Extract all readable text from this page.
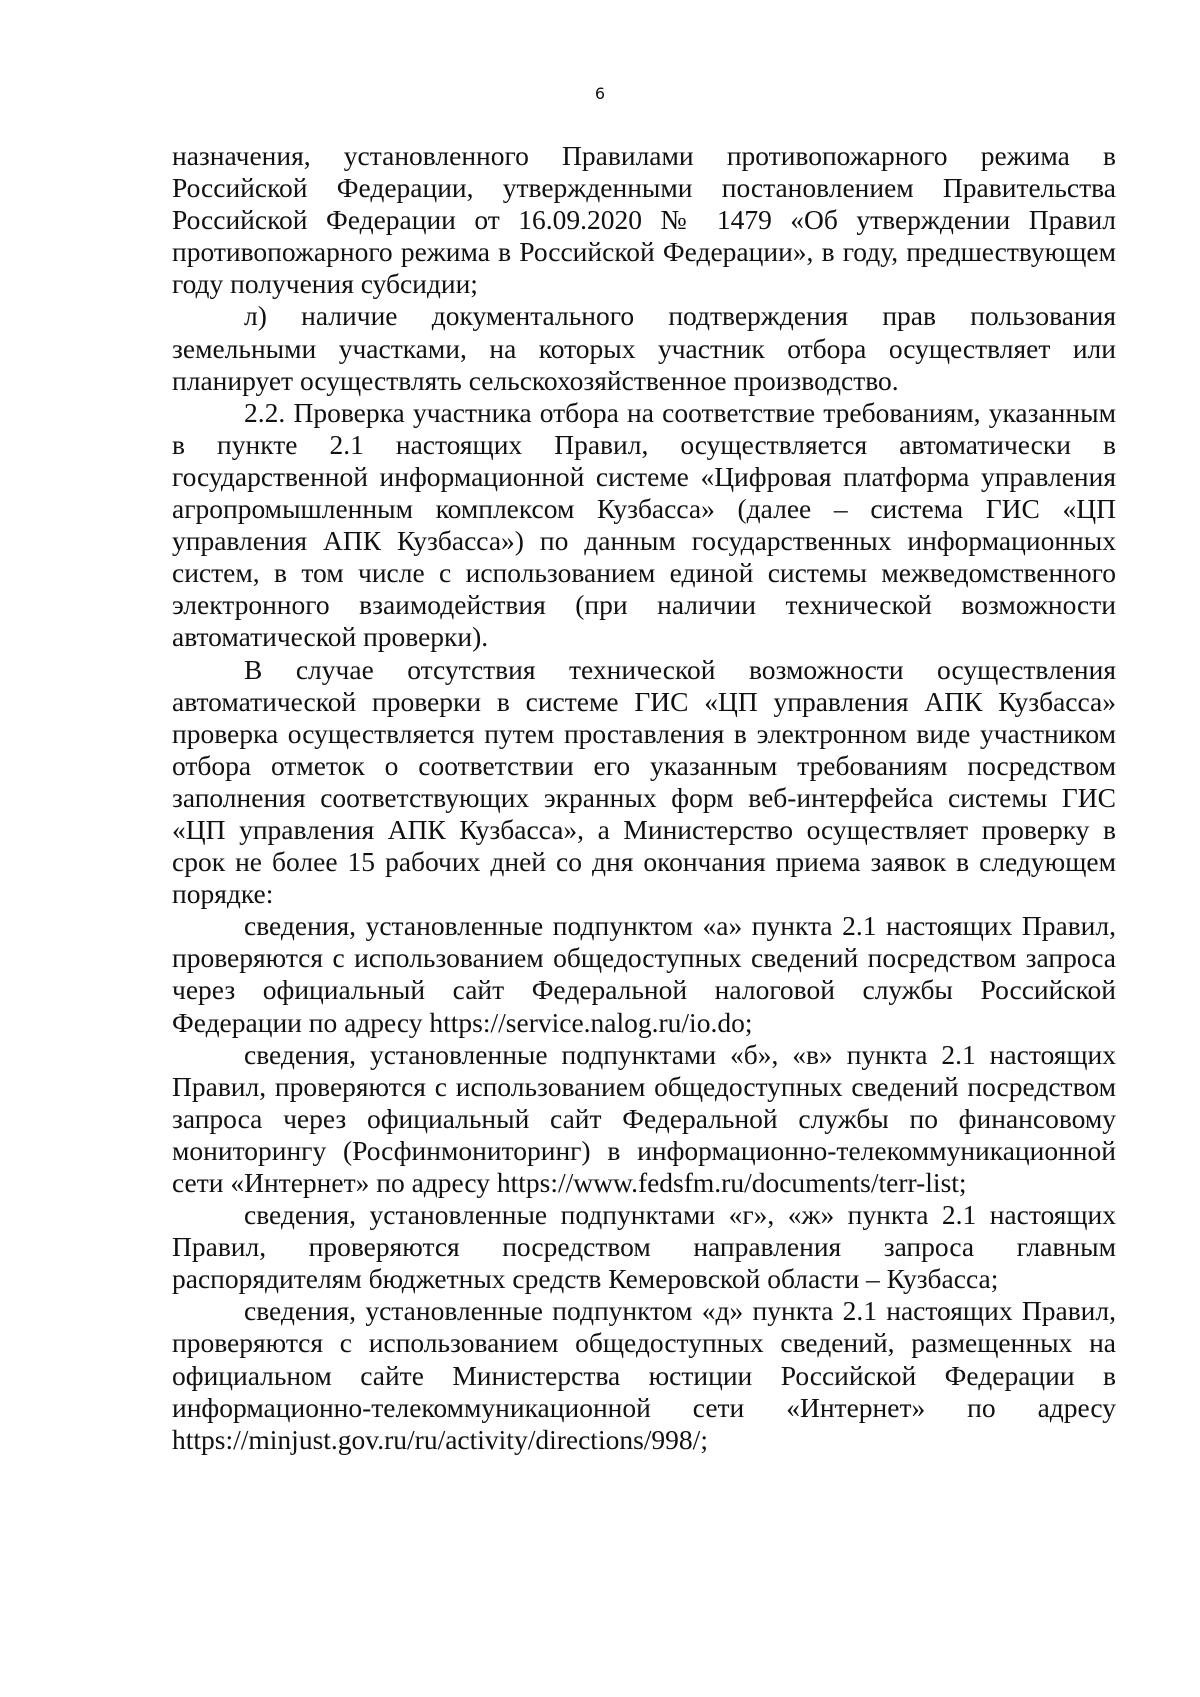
6

назначения, установленного Правилами противопожарного режима в Российской Федерации, утвержденными постановлением Правительства Российской Федерации от 16.09.2020 № 1479 «Об утверждении Правил противопожарного режима в Российской Федерации», в году, предшествующем году получения субсидии;

л) наличие документального подтверждения прав пользования земельными участками, на которых участник отбора осуществляет или планирует осуществлять сельскохозяйственное производство.

2.2. Проверка участника отбора на соответствие требованиям, указанным в пункте 2.1 настоящих Правил, осуществляется автоматически в государственной информационной системе «Цифровая платформа управления агропромышленным комплексом Кузбасса» (далее – система ГИС «ЦП управления АПК Кузбасса») по данным государственных информационных систем, в том числе с использованием единой системы межведомственного электронного взаимодействия (при наличии технической возможности автоматической проверки).

В случае отсутствия технической возможности осуществления автоматической проверки в системе ГИС «ЦП управления АПК Кузбасса» проверка осуществляется путем проставления в электронном виде участником отбора отметок о соответствии его указанным требованиям посредством заполнения соответствующих экранных форм веб-интерфейса системы ГИС «ЦП управления АПК Кузбасса», а Министерство осуществляет проверку в срок не более 15 рабочих дней со дня окончания приема заявок в следующем порядке:

сведения, установленные подпунктом «а» пункта 2.1 настоящих Правил, проверяются с использованием общедоступных сведений посредством запроса через официальный сайт Федеральной налоговой службы Российской Федерации по адресу https://service.nalog.ru/io.do;

сведения, установленные подпунктами «б», «в» пункта 2.1 настоящих Правил, проверяются с использованием общедоступных сведений посредством запроса через официальный сайт Федеральной службы по финансовому мониторингу (Росфинмониторинг) в информационно-телекоммуникационной сети «Интернет» по адресу https://www.fedsfm.ru/documents/terr-list;

сведения, установленные подпунктами «г», «ж» пункта 2.1 настоящих Правил, проверяются посредством направления запроса главным распорядителям бюджетных средств Кемеровской области – Кузбасса;

сведения, установленные подпунктом «д» пункта 2.1 настоящих Правил, проверяются с использованием общедоступных сведений, размещенных на официальном сайте Министерства юстиции Российской Федерации в информационно-телекоммуникационной сети «Интернет» по адресу https://minjust.gov.ru/ru/activity/directions/998/;
